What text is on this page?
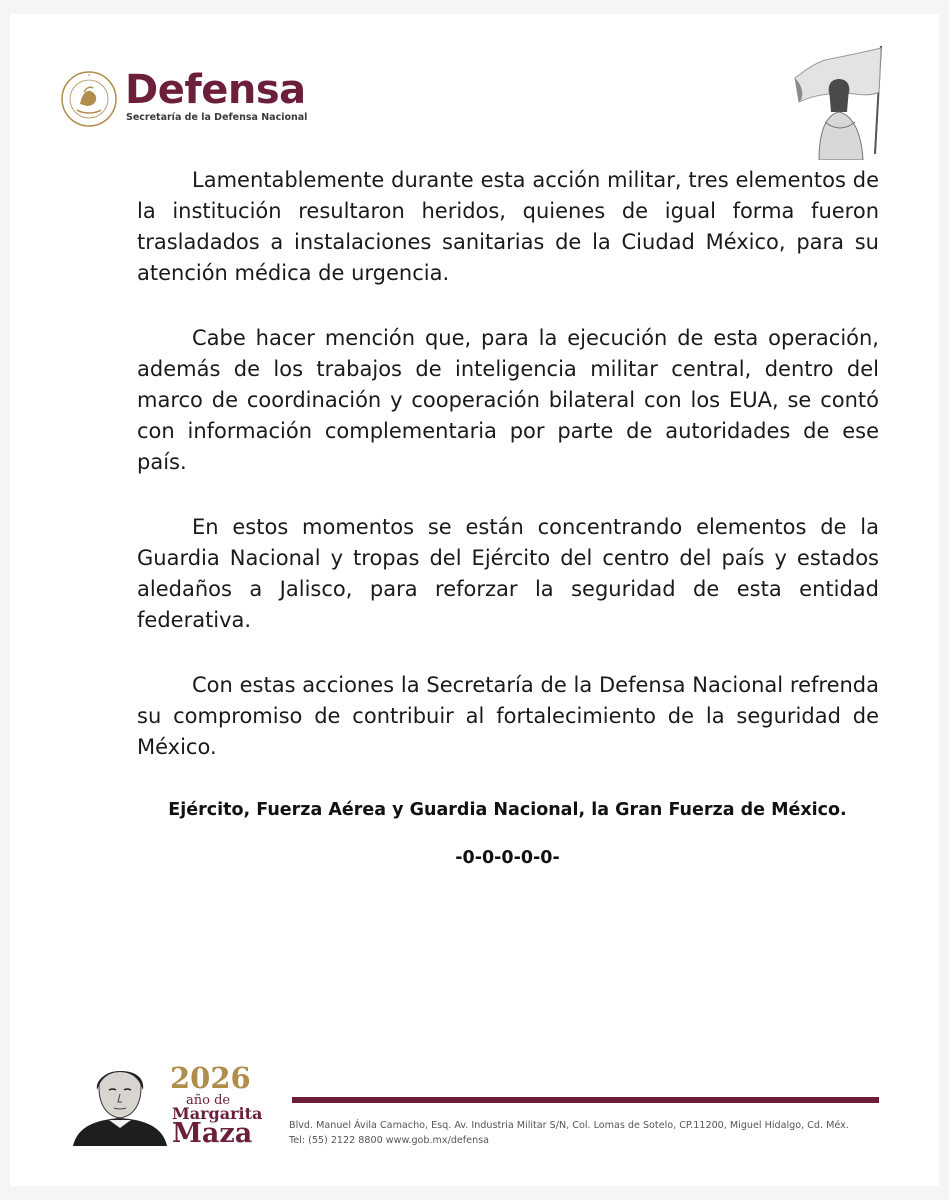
Defensa
Secretaría de la Defensa Nacional

Lamentablemente durante esta acción militar, tres elementos de la institución resultaron heridos, quienes de igual forma fueron trasladados a instalaciones sanitarias de la Ciudad México, para su atención médica de urgencia.

Cabe hacer mención que, para la ejecución de esta operación, además de los trabajos de inteligencia militar central, dentro del marco de coordinación y cooperación bilateral con los EUA, se contó con información complementaria por parte de autoridades de ese país.

En estos momentos se están concentrando elementos de la Guardia Nacional y tropas del Ejército del centro del país y estados aledaños a Jalisco, para reforzar la seguridad de esta entidad federativa.

Con estas acciones la Secretaría de la Defensa Nacional refrenda su compromiso de contribuir al fortalecimiento de la seguridad de México.

Ejército, Fuerza Aérea y Guardia Nacional, la Gran Fuerza de México.
-0-0-0-0-0-
2026
año de
Margarita
Maza	Blvd. Manuel Ávila Camacho, Esq. Av. Industria Militar S/N, Col. Lomas de Sotelo, CP.11200, Miguel Hidalgo, Cd. Méx.
Tel: (55) 2122 8800 www.gob.mx/defensa
